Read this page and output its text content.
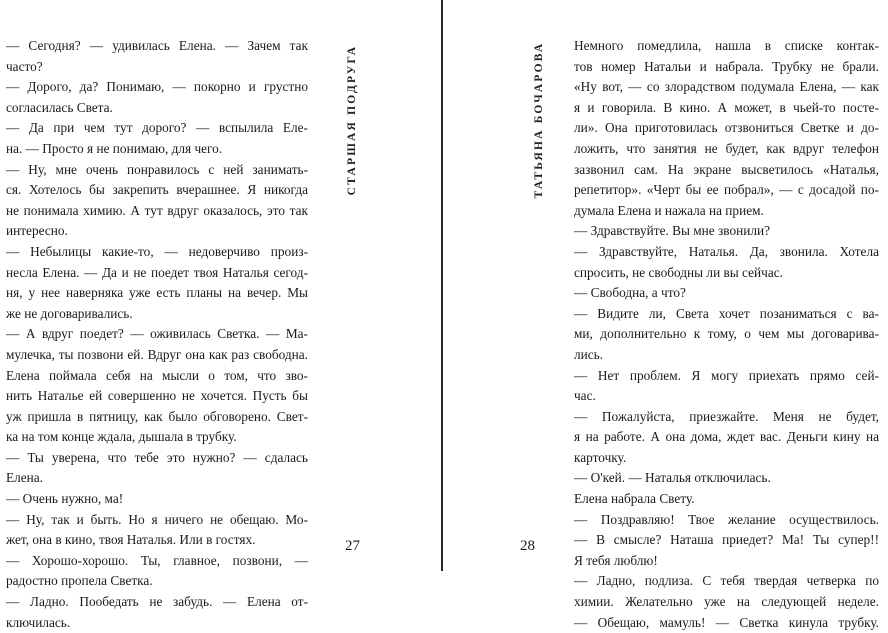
— Сегодня? — удивилась Елена. — Зачем так
часто?
— Дорого, да? Понимаю, — покорно и грустно
согласилась Света.
— Да при чем тут дорого? — вспылила Еле-
на. — Просто я не понимаю, для чего.
— Ну, мне очень понравилось с ней занимать-
ся. Хотелось бы закрепить вчерашнее. Я никогда
не понимала химию. А тут вдруг оказалось, это так
интересно.
— Небылицы какие-то, — недоверчиво произ-
несла Елена. — Да и не поедет твоя Наталья сегод-
ня, у нее наверняка уже есть планы на вечер. Мы
же не договаривались.
— А вдруг поедет? — оживилась Светка. — Ма-
мулечка, ты позвони ей. Вдруг она как раз свободна.
Елена поймала себя на мысли о том, что зво-
нить Наталье ей совершенно не хочется. Пусть бы
уж пришла в пятницу, как было обговорено. Свет-
ка на том конце ждала, дышала в трубку.
— Ты уверена, что тебе это нужно? — сдалась
Елена.
— Очень нужно, ма!
— Ну, так и быть. Но я ничего не обещаю. Мо-
жет, она в кино, твоя Наталья. Или в гостях.
— Хорошо-хорошо. Ты, главное, позвони, —
радостно пропела Светка.
— Ладно. Пообедать не забудь. — Елена от-
ключилась.
СТАРШАЯ ПОДРУГА
27
ТАТЬЯНА БОЧАРОВА Немного помедлила, нашла в списке контак-
тов номер Натальи и набрала. Трубку не брали.
«Ну вот, — со злорадством подумала Елена, — как
я и говорила. В кино. А может, в чьей-то посте-
ли». Она приготовилась отзвониться Светке и до-
ложить, что занятия не будет, как вдруг телефон
зазвонил сам. На экране высветилось «Наталья,
репетитор». «Черт бы ее побрал», — с досадой по-
думала Елена и нажала на прием.
— Здравствуйте. Вы мне звонили?
— Здравствуйте, Наталья. Да, звонила. Хотела
спросить, не свободны ли вы сейчас.
— Свободна, а что?
— Видите ли, Света хочет позаниматься с ва-
ми, дополнительно к тому, о чем мы договарива-
лись.
— Нет проблем. Я могу приехать прямо сей-
час.
— Пожалуйста, приезжайте. Меня не будет,
я на работе. А она дома, ждет вас. Деньги кину на
карточку.
— О'кей. — Наталья отключилась.
Елена набрала Свету.
— Поздравляю! Твое желание осуществилось.
— В смысле? Наташа приедет? Ма! Ты супер!!
Я тебя люблю!
— Ладно, подлиза. С тебя твердая четверка по
химии. Желательно уже на следующей неделе.
— Обещаю, мамуль! — Светка кинула трубку.
28
